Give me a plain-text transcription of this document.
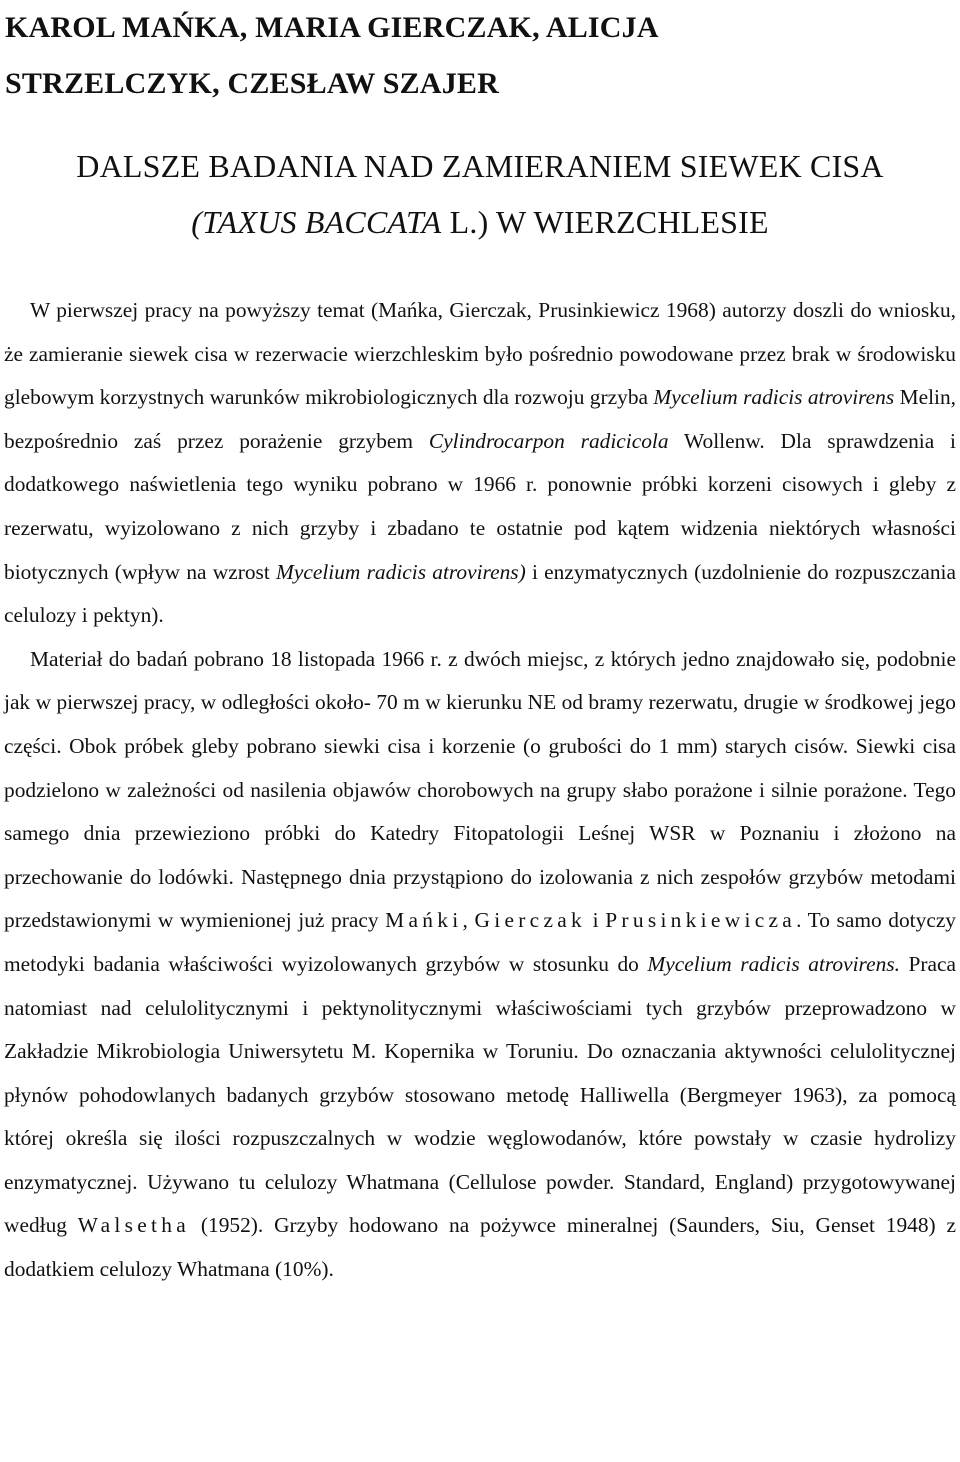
KAROL MAŃKA, MARIA GIERCZAK, ALICJA
STRZELCZYK, CZESŁAW SZAJER
DALSZE BADANIA NAD ZAMIERANIEM SIEWEK CISA
(TAXUS BACCATA L.) W WIERZCHLESIE

W pierwszej pracy na powyższy temat (Mańka, Gierczak, Prusinkiewicz 1968) autorzy doszli do wniosku, że zamieranie siewek cisa w rezerwacie wierzchleskim było pośrednio powodowane przez brak w środowisku glebowym korzystnych warunków mikrobiologicznych dla rozwoju grzyba Mycelium radicis atrovirens Melin, bezpośrednio zaś przez porażenie grzybem Cylindrocarpon radicicola Wollenw. Dla sprawdzenia i dodatkowego naświetlenia tego wyniku pobrano w 1966 r. ponownie próbki korzeni cisowych i gleby z rezerwatu, wyizolowano z nich grzyby i zbadano te ostatnie pod kątem widzenia niektórych własności biotycznych (wpływ na wzrost Mycelium radicis atrovirens) i enzymatycznych (uzdolnienie do rozpuszczania celulozy i pektyn).

Materiał do badań pobrano 18 listopada 1966 r. z dwóch miejsc, z których jedno znajdowało się, podobnie jak w pierwszej pracy, w odległości około- 70 m w kierunku NE od bramy rezerwatu, drugie w środkowej jego części. Obok próbek gleby pobrano siewki cisa i korzenie (o grubości do 1 mm) starych cisów. Siewki cisa podzielono w zależności od nasilenia objawów chorobowych na grupy słabo porażone i silnie porażone. Tego samego dnia przewieziono próbki do Katedry Fitopatologii Leśnej WSR w Poznaniu i złożono na przechowanie do lodówki. Następnego dnia przystąpiono do izolowania z nich zespołów grzybów metodami przedstawionymi w wymienionej już pracy Mańki, Gierczak i Prusinkiewicza. To samo dotyczy metodyki badania właściwości wyizolowanych grzybów w stosunku do Mycelium radicis atrovirens. Praca natomiast nad celulolitycznymi i pektynolitycznymi właściwościami tych grzybów przeprowadzono w Zakładzie Mikrobiologia Uniwersytetu M. Kopernika w Toruniu. Do oznaczania aktywności celulolitycznej płynów pohodowlanych badanych grzybów stosowano metodę Halliwella (Bergmeyer 1963), za pomocą której określa się ilości rozpuszczalnych w wodzie węglowodanów, które powstały w czasie hydrolizy enzymatycznej. Używano tu celulozy Whatmana (Cellulose powder. Standard, England) przygotowywanej według Walsetha (1952). Grzyby hodowano na pożywce mineralnej (Saunders, Siu, Genset 1948) z dodatkiem celulozy Whatmana (10%).
